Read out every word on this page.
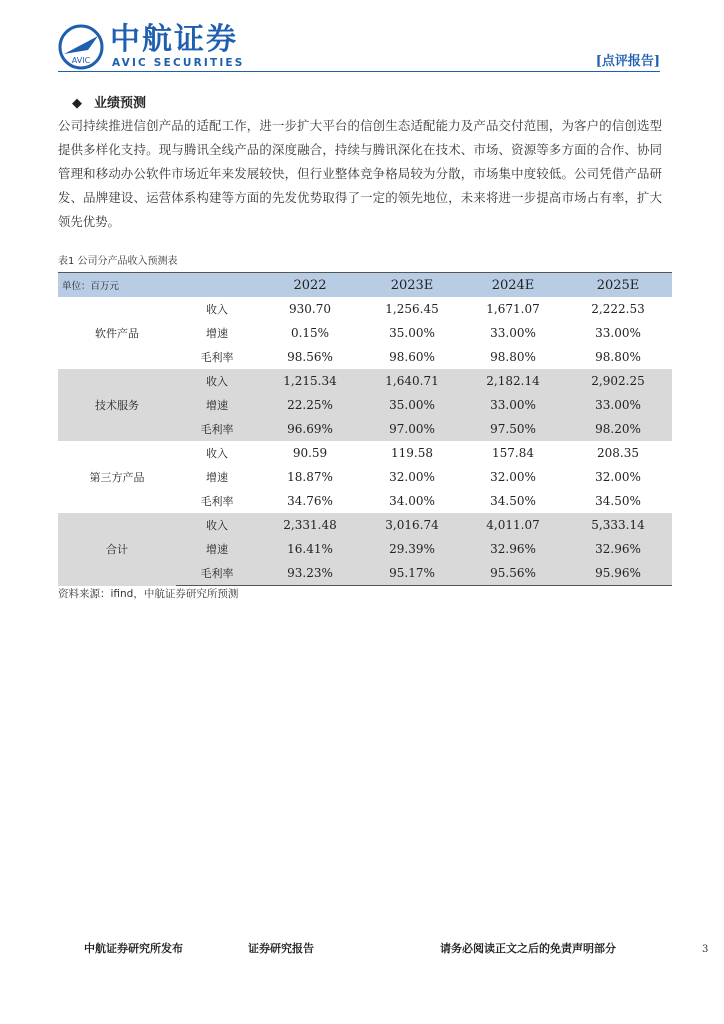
AVIC
中航证券
AVIC SECURITIES	[点评报告]
◆ 业绩预测
公司持续推进信创产品的适配工作，进一步扩大平台的信创生态适配能力及产品交付范围，为客户的信创选型提供多样化支持。现与腾讯全线产品的深度融合，持续与腾讯深化在技术、市场、资源等多方面的合作、协同管理和移动办公软件市场近年来发展较快，但行业整体竞争格局较为分散，市场集中度较低。公司凭借产品研发、品牌建设、运营体系构建等方面的先发优势取得了一定的领先地位，未来将进一步提高市场占有率，扩大领先优势。
表1 公司分产品收入预测表
单位：百万元		2022	2023E	2024E	2025E
软件产品	收入	930.70	1,256.45	1,671.07	2,222.53
	增速	0.15%	35.00%	33.00%	33.00%
	毛利率	98.56%	98.60%	98.80%	98.80%
技术服务	收入	1,215.34	1,640.71	2,182.14	2,902.25
	增速	22.25%	35.00%	33.00%	33.00%
	毛利率	96.69%	97.00%	97.50%	98.20%
第三方产品	收入	90.59	119.58	157.84	208.35
	增速	18.87%	32.00%	32.00%	32.00%
	毛利率	34.76%	34.00%	34.50%	34.50%
合计	收入	2,331.48	3,016.74	4,011.07	5,333.14
	增速	16.41%	29.39%	32.96%	32.96%
	毛利率	93.23%	95.17%	95.56%	95.96%
资料来源：ifind，中航证券研究所预测
中航证券研究所发布	证券研究报告	请务必阅读正文之后的免责声明部分	3
